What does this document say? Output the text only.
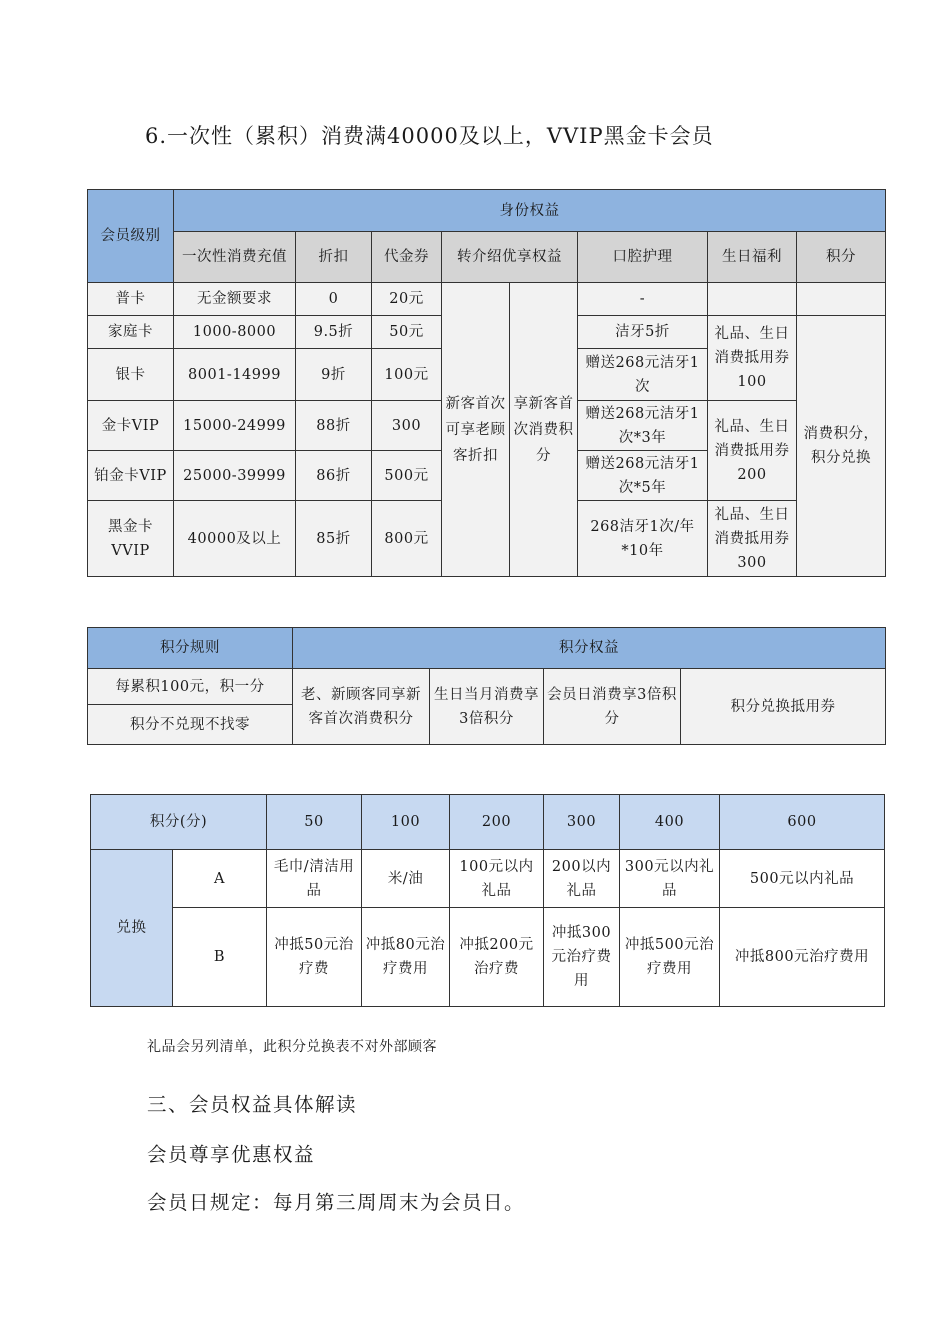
6.一次性（累积）消费满40000及以上，VVIP黑金卡会员
会员级别	身份权益							
	一次性消费充值	折扣	代金券	转介绍优享权益		口腔护理	生日福利	积分
普卡	无金额要求	0	20元	新客首次可享老顾客折扣	享新客首次消费积分	-		
家庭卡	1000-8000	9.5折	50元			洁牙5折	礼品、生日消费抵用券100	消费积分，积分兑换
银卡	8001-14999	9折	100元			赠送268元洁牙1次		
金卡VIP	15000-24999	88折	300			赠送268元洁牙1次*3年	礼品、生日消费抵用券200	
铂金卡VIP	25000-39999	86折	500元			赠送268元洁牙1次*5年		
黑金卡VVIP	40000及以上	85折	800元			268洁牙1次/年*10年	礼品、生日消费抵用券300	
积分规则	积分权益			
每累积100元，积一分	老、新顾客同享新客首次消费积分	生日当月消费享3倍积分	会员日消费享3倍积分	积分兑换抵用券
积分不兑现不找零				
积分(分)		50	100	200	300	400	600
兑换	A	毛巾/清洁用品	米/油	100元以内礼品	200以内礼品	300元以内礼品	500元以内礼品
	B	冲抵50元治疗费	冲抵80元治疗费用	冲抵200元治疗费	冲抵300元治疗费用	冲抵500元治疗费用	冲抵800元治疗费用
礼品会另列清单，此积分兑换表不对外部顾客
三、会员权益具体解读
会员尊享优惠权益
会员日规定：每月第三周周末为会员日。
